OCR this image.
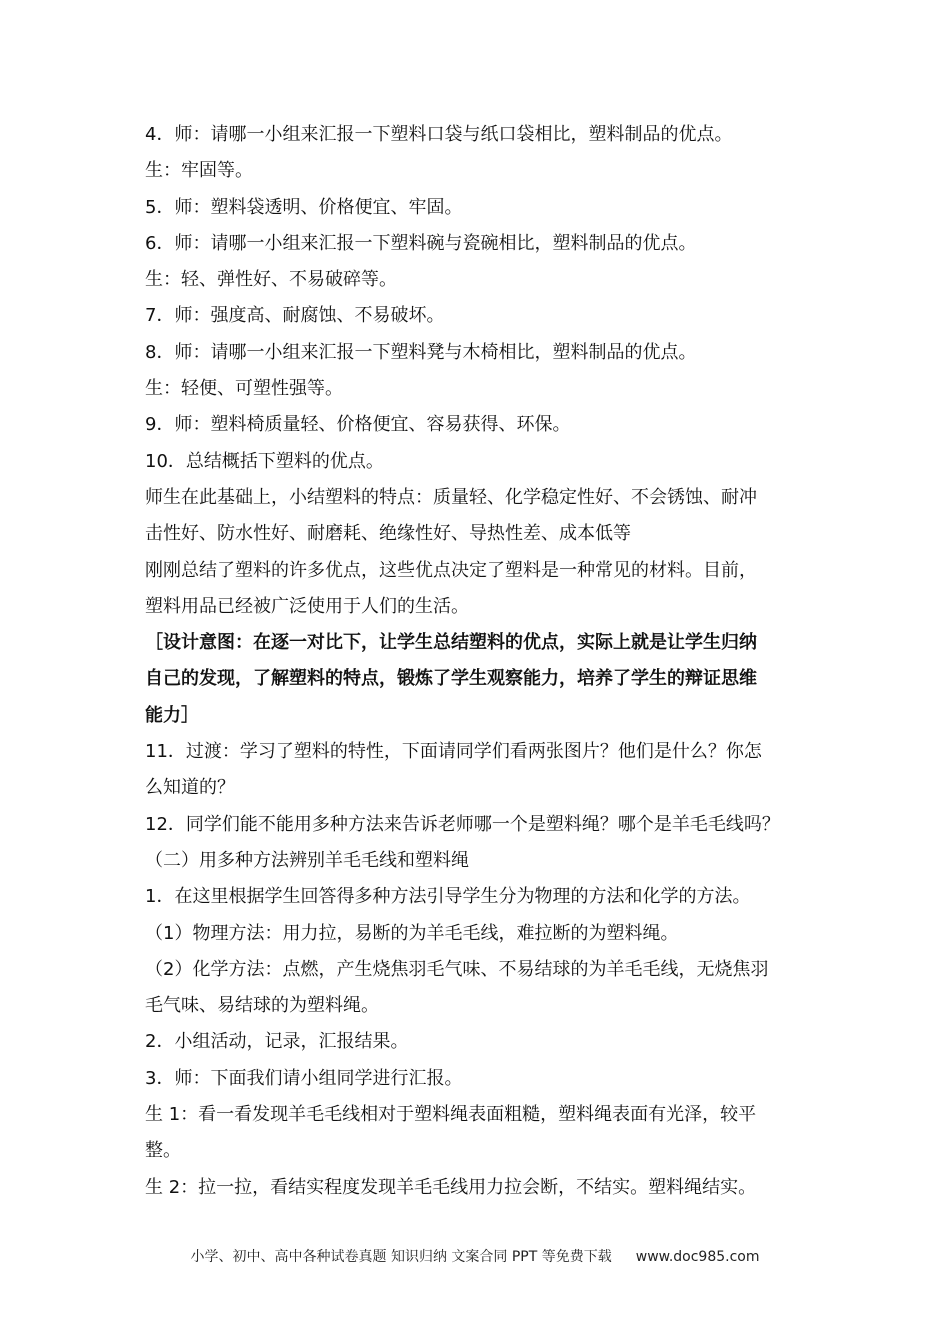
4．师：请哪一小组来汇报一下塑料口袋与纸口袋相比，塑料制品的优点。
生：牢固等。
5．师：塑料袋透明、价格便宜、牢固。
6．师：请哪一小组来汇报一下塑料碗与瓷碗相比，塑料制品的优点。
生：轻、弹性好、不易破碎等。
7．师：强度高、耐腐蚀、不易破坏。
8．师：请哪一小组来汇报一下塑料凳与木椅相比，塑料制品的优点。
生：轻便、可塑性强等。
9．师：塑料椅质量轻、价格便宜、容易获得、环保。
10．总结概括下塑料的优点。
师生在此基础上，小结塑料的特点：质量轻、化学稳定性好、不会锈蚀、耐冲
击性好、防水性好、耐磨耗、绝缘性好、导热性差、成本低等
刚刚总结了塑料的许多优点，这些优点决定了塑料是一种常见的材料。目前，
塑料用品已经被广泛使用于人们的生活。
［设计意图：在逐一对比下，让学生总结塑料的优点，实际上就是让学生归纳
自己的发现，了解塑料的特点，锻炼了学生观察能力，培养了学生的辩证思维
能力］
11．过渡：学习了塑料的特性，下面请同学们看两张图片？他们是什么？你怎
么知道的？
12．同学们能不能用多种方法来告诉老师哪一个是塑料绳？哪个是羊毛毛线吗？
（二）用多种方法辨别羊毛毛线和塑料绳
1．在这里根据学生回答得多种方法引导学生分为物理的方法和化学的方法。
（1）物理方法：用力拉，易断的为羊毛毛线，难拉断的为塑料绳。
（2）化学方法：点燃，产生烧焦羽毛气味、不易结球的为羊毛毛线，无烧焦羽
毛气味、易结球的为塑料绳。
2．小组活动，记录，汇报结果。
3．师：下面我们请小组同学进行汇报。
生 1：看一看发现羊毛毛线相对于塑料绳表面粗糙，塑料绳表面有光泽，较平
整。
生 2：拉一拉，看结实程度发现羊毛毛线用力拉会断，不结实。塑料绳结实。
小学、初中、高中各种试卷真题 知识归纳 文案合同 PPT 等免费下载 www.doc985.com
